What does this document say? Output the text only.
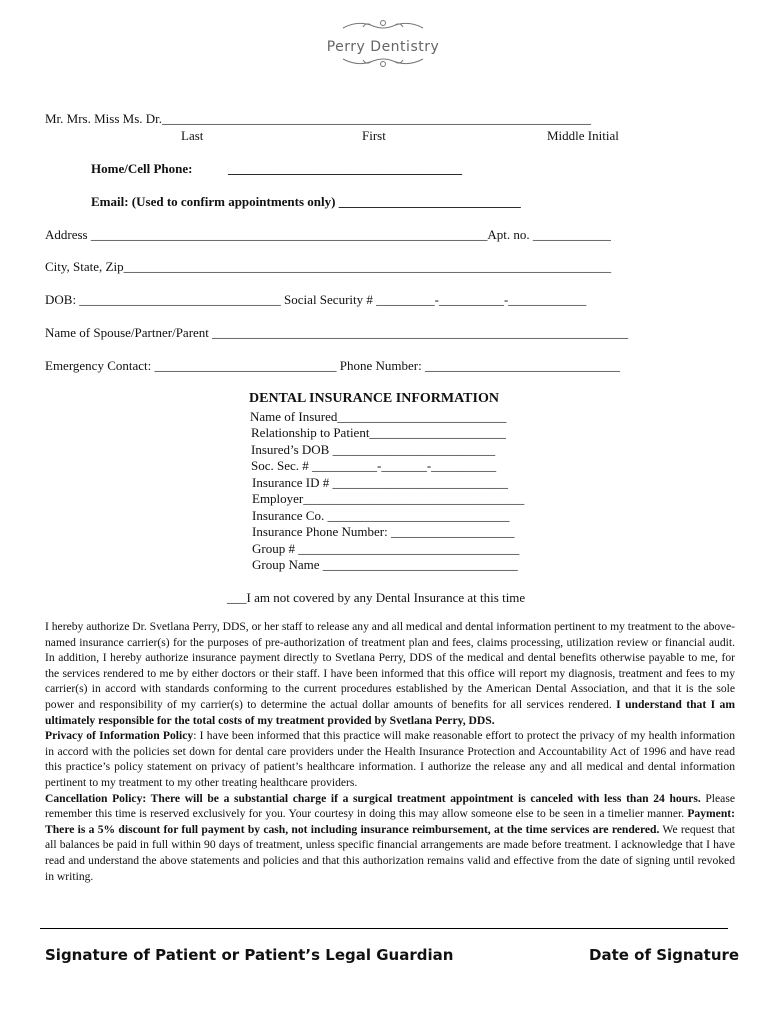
Perry Dentistry
Mr. Mrs. Miss Ms. Dr.__________________________________________________________________
Last	First	Middle Initial
Home/Cell Phone:	____________________________________
Email: (Used to confirm appointments only) ____________________________
Address _____________________________________________________________Apt. no. ____________
City, State, Zip___________________________________________________________________________
DOB: _______________________________ Social Security # _________-__________-____________
Name of Spouse/Partner/Parent ________________________________________________________________
Emergency Contact: ____________________________ Phone Number: ______________________________
DENTAL INSURANCE INFORMATION
Name of Insured__________________________
Relationship to Patient_____________________
Insured’s DOB _________________________
Soc. Sec. # __________-_______-__________
Insurance ID # ___________________________
Employer__________________________________
Insurance Co. ____________________________
Insurance Phone Number: ___________________
Group # __________________________________
Group Name ______________________________
___I am not covered by any Dental Insurance at this time
I hereby authorize Dr. Svetlana Perry, DDS, or her staff to release any and all medical and dental information pertinent to my treatment to the above-named insurance carrier(s) for the purposes of pre-authorization of treatment plan and fees, claims processing, utilization review or financial audit. In addition, I hereby authorize insurance payment directly to Svetlana Perry, DDS of the medical and dental benefits otherwise payable to me, for the services rendered to me by either doctors or their staff. I have been informed that this office will report my diagnosis, treatment and fees to my carrier(s) in accord with standards conforming to the current procedures established by the American Dental Association, and that it is the sole power and responsibility of my carrier(s) to determine the actual dollar amounts of benefits for all services rendered. I understand that I am ultimately responsible for the total costs of my treatment provided by Svetlana Perry, DDS.
Privacy of Information Policy: I have been informed that this practice will make reasonable effort to protect the privacy of my health information in accord with the policies set down for dental care providers under the Health Insurance Protection and Accountability Act of 1996 and have read this practice’s policy statement on privacy of patient’s healthcare information. I authorize the release any and all medical and dental information pertinent to my treatment to my other treating healthcare providers.
Cancellation Policy: There will be a substantial charge if a surgical treatment appointment is canceled with less than 24 hours. Please remember this time is reserved exclusively for you. Your courtesy in doing this may allow someone else to be seen in a timelier manner. Payment: There is a 5% discount for full payment by cash, not including insurance reimbursement, at the time services are rendered. We request that all balances be paid in full within 90 days of treatment, unless specific financial arrangements are made before treatment. I acknowledge that I have read and understand the above statements and policies and that this authorization remains valid and effective from the date of signing until revoked in writing.
Signature of Patient or Patient’s Legal Guardian	Date of Signature
